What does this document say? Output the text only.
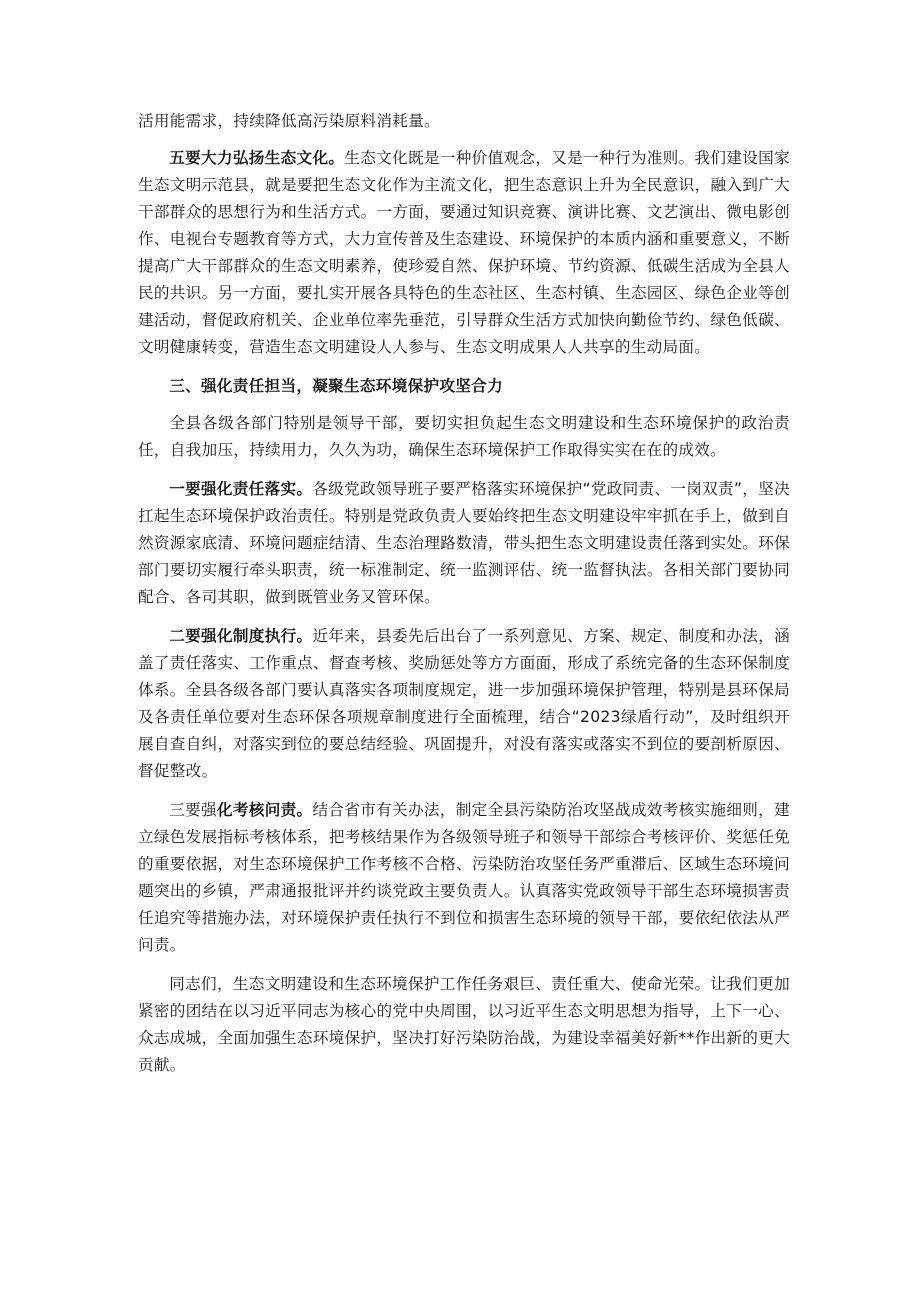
活用能需求，持续降低高污染原料消耗量。

五要大力弘扬生态文化。生态文化既是一种价值观念，又是一种行为准则。我们建设国家生态文明示范县，就是要把生态文化作为主流文化，把生态意识上升为全民意识，融入到广大干部群众的思想行为和生活方式。一方面，要通过知识竞赛、演讲比赛、文艺演出、微电影创作、电视台专题教育等方式，大力宣传普及生态建设、环境保护的本质内涵和重要意义，不断提高广大干部群众的生态文明素养，使珍爱自然、保护环境、节约资源、低碳生活成为全县人民的共识。另一方面，要扎实开展各具特色的生态社区、生态村镇、生态园区、绿色企业等创建活动，督促政府机关、企业单位率先垂范，引导群众生活方式加快向勤俭节约、绿色低碳、文明健康转变，营造生态文明建设人人参与、生态文明成果人人共享的生动局面。

三、强化责任担当，凝聚生态环境保护攻坚合力

全县各级各部门特别是领导干部，要切实担负起生态文明建设和生态环境保护的政治责任，自我加压，持续用力，久久为功，确保生态环境保护工作取得实实在在的成效。

一要强化责任落实。各级党政领导班子要严格落实环境保护“党政同责、一岗双责”，坚决扛起生态环境保护政治责任。特别是党政负责人要始终把生态文明建设牢牢抓在手上，做到自然资源家底清、环境问题症结清、生态治理路数清，带头把生态文明建设责任落到实处。环保部门要切实履行牵头职责，统一标准制定、统一监测评估、统一监督执法。各相关部门要协同配合、各司其职，做到既管业务又管环保。

二要强化制度执行。近年来，县委先后出台了一系列意见、方案、规定、制度和办法，涵盖了责任落实、工作重点、督查考核、奖励惩处等方方面面，形成了系统完备的生态环保制度体系。全县各级各部门要认真落实各项制度规定，进一步加强环境保护管理，特别是县环保局及各责任单位要对生态环保各项规章制度进行全面梳理，结合“2023绿盾行动”，及时组织开展自查自纠，对落实到位的要总结经验、巩固提升，对没有落实或落实不到位的要剖析原因、督促整改。

三要强化考核问责。结合省市有关办法，制定全县污染防治攻坚战成效考核实施细则，建立绿色发展指标考核体系，把考核结果作为各级领导班子和领导干部综合考核评价、奖惩任免的重要依据，对生态环境保护工作考核不合格、污染防治攻坚任务严重滞后、区域生态环境问题突出的乡镇，严肃通报批评并约谈党政主要负责人。认真落实党政领导干部生态环境损害责任追究等措施办法，对环境保护责任执行不到位和损害生态环境的领导干部，要依纪依法从严问责。

同志们，生态文明建设和生态环境保护工作任务艰巨、责任重大、使命光荣。让我们更加紧密的团结在以习近平同志为核心的党中央周围，以习近平生态文明思想为指导，上下一心、众志成城，全面加强生态环境保护，坚决打好污染防治战，为建设幸福美好新**作出新的更大贡献。
